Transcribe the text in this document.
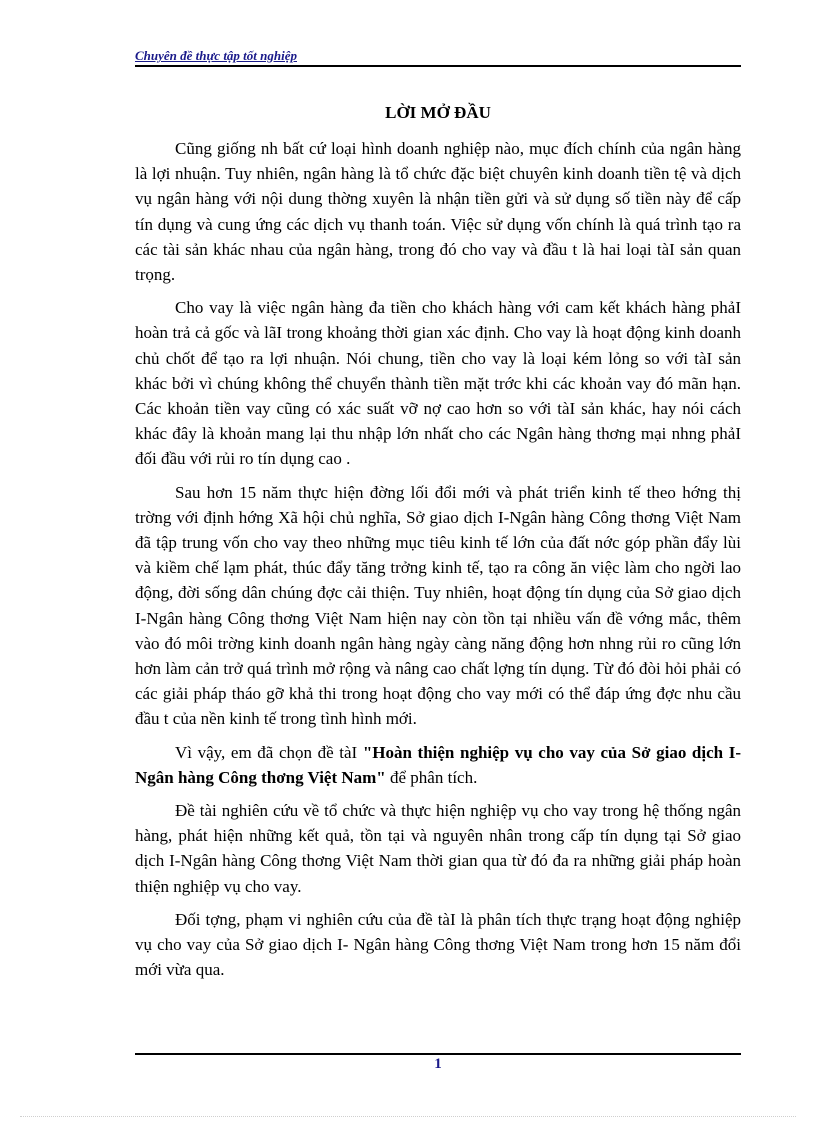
Chuyên đề thực tập tốt nghiệp
LỜI MỞ ĐẦU

Cũng giống nh bất cứ loại hình doanh nghiệp nào, mục đích chính của ngân hàng là lợi nhuận. Tuy nhiên, ngân hàng là tổ chức đặc biệt chuyên kinh doanh tiền tệ và dịch vụ ngân hàng với nội dung thờng xuyên là nhận tiền gửi và sử dụng số tiền này để cấp tín dụng và cung ứng các dịch vụ thanh toán. Việc sử dụng vốn chính là quá trình tạo ra các tài sản khác nhau của ngân hàng, trong đó cho vay và đầu t là hai loại tàI sản quan trọng.

Cho vay là việc ngân hàng đa tiền cho khách hàng với cam kết khách hàng phảI hoàn trả cả gốc và lãI trong khoảng thời gian xác định. Cho vay là hoạt động kinh doanh chủ chốt để tạo ra lợi nhuận. Nói chung, tiền cho vay là loại kém lỏng so với tàI sản khác bởi vì chúng không thể chuyển thành tiền mặt trớc khi các khoản vay đó mãn hạn. Các khoản tiền vay cũng có xác suất vỡ nợ cao hơn so với tàI sản khác, hay nói cách khác đây là khoản mang lại thu nhập lớn nhất cho các Ngân hàng thơng mại nhng phảI đối đầu với rủi ro tín dụng cao .

Sau hơn 15 năm thực hiện đờng lối đổi mới và phát triển kinh tế theo hớng thị trờng với định hớng Xã hội chủ nghĩa, Sở giao dịch I-Ngân hàng Công thơng Việt Nam đã tập trung vốn cho vay theo những mục tiêu kinh tế lớn của đất nớc góp phần đẩy lùi và kiềm chế lạm phát, thúc đẩy tăng trởng kinh tế, tạo ra công ăn việc làm cho ngời lao động, đời sống dân chúng đợc cải thiện. Tuy nhiên, hoạt động tín dụng của Sở giao dịch I-Ngân hàng Công thơng Việt Nam hiện nay còn tồn tại nhiều vấn đề vớng mắc, thêm vào đó môi trờng kinh doanh ngân hàng ngày càng năng động hơn nhng rủi ro cũng lớn hơn làm cản trở quá trình mở rộng và nâng cao chất lợng tín dụng. Từ đó đòi hỏi phải có các giải pháp tháo gỡ khả thi trong hoạt động cho vay mới có thể đáp ứng đợc nhu cầu đầu t của nền kinh tế trong tình hình mới.

Vì vậy, em đã chọn đề tàI "Hoàn thiện nghiệp vụ cho vay của Sở giao dịch I- Ngân hàng Công thơng Việt Nam" để phân tích.

Đề tài nghiên cứu về tổ chức và thực hiện nghiệp vụ cho vay trong hệ thống ngân hàng, phát hiện những kết quả, tồn tại và nguyên nhân trong cấp tín dụng tại Sở giao dịch I-Ngân hàng Công thơng Việt Nam thời gian qua từ đó đa ra những giải pháp hoàn thiện nghiệp vụ cho vay.

Đối tợng, phạm vi nghiên cứu của đề tàI là phân tích thực trạng hoạt động nghiệp vụ cho vay của Sở giao dịch I- Ngân hàng Công thơng Việt Nam trong hơn 15 năm đổi mới vừa qua.

1
